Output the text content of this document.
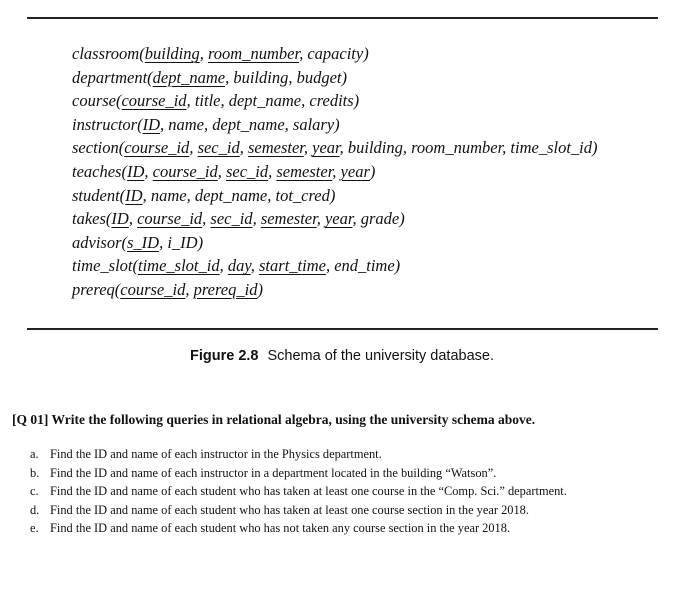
classroom(building, room_number, capacity)
department(dept_name, building, budget)
course(course_id, title, dept_name, credits)
instructor(ID, name, dept_name, salary)
section(course_id, sec_id, semester, year, building, room_number, time_slot_id)
teaches(ID, course_id, sec_id, semester, year)
student(ID, name, dept_name, tot_cred)
takes(ID, course_id, sec_id, semester, year, grade)
advisor(s_ID, i_ID)
time_slot(time_slot_id, day, start_time, end_time)
prereq(course_id, prereq_id)
Figure 2.8 Schema of the university database.
[Q 01] Write the following queries in relational algebra, using the university schema above.
a. Find the ID and name of each instructor in the Physics department.
b. Find the ID and name of each instructor in a department located in the building “Watson”.
c. Find the ID and name of each student who has taken at least one course in the “Comp. Sci.” department.
d. Find the ID and name of each student who has taken at least one course section in the year 2018.
e. Find the ID and name of each student who has not taken any course section in the year 2018.
